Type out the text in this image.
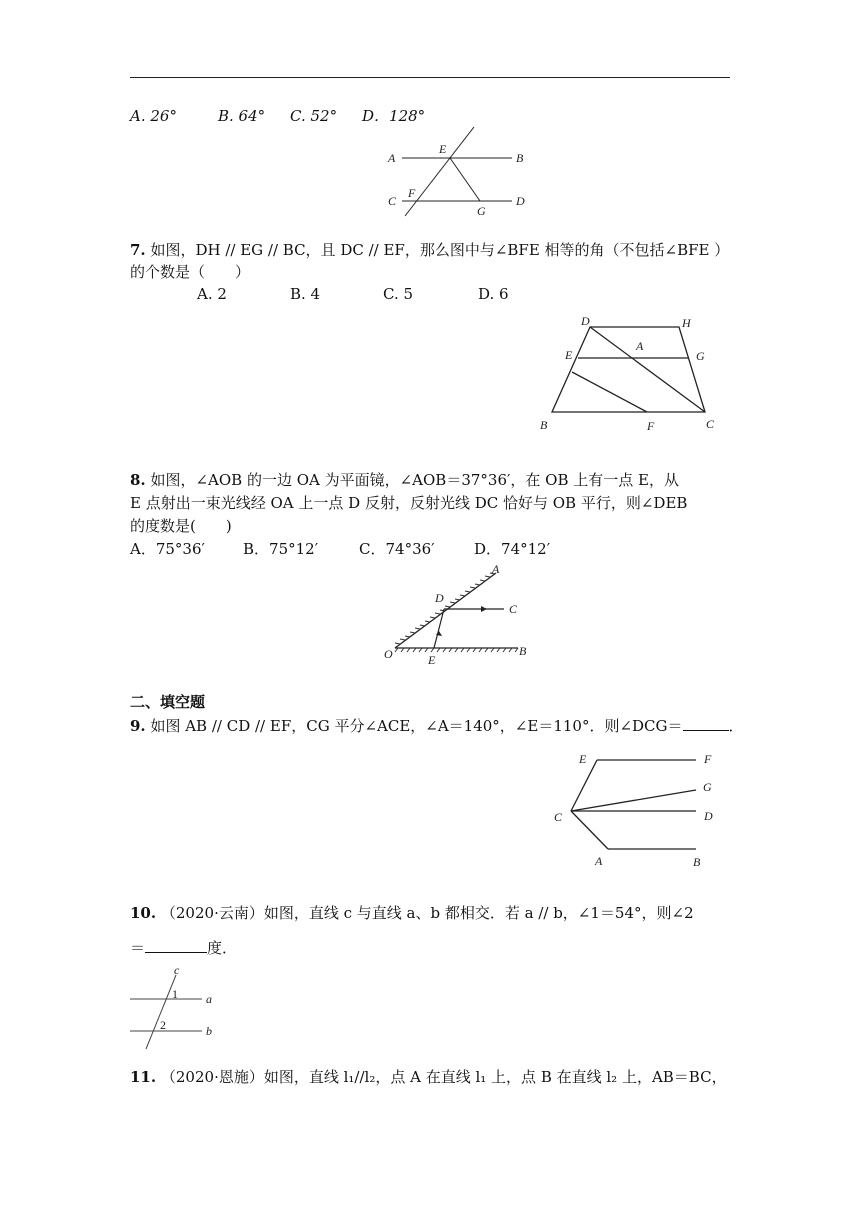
A. 26°	B. 64° C. 52° D．128°
A
E
B
C
F
G
D
7. 如图，DH // EG // BC，且 DC // EF，那么图中与∠BFE 相等的角（不包括∠BFE ）
的个数是（　　）
A. 2	B. 4	C. 5	D. 6
D	H
E
A
G
B	F	C
8. 如图，∠AOB 的一边 OA 为平面镜，∠AOB＝37°36′，在 OB 上有一点 E，从
E 点射出一束光线经 OA 上一点 D 反射，反射光线 DC 恰好与 OB 平行，则∠DEB
的度数是(　　)
A．75°36′	B．75°12′	C．74°36′	D．74°12′
A
D
C
O	E
B
二、填空题
9. 如图 AB // CD // EF，CG 平分∠ACE，∠A＝140°，∠E＝110°．则∠DCG＝	．
E	F
G
C	D
A	B
10. （2020·云南）如图，直线 c 与直线 a、b 都相交．若 a // b，∠1＝54°，则∠2
＝	度．
c
1 a
2	b
11. （2020·恩施）如图，直线 l₁//l₂，点 A 在直线 l₁ 上，点 B 在直线 l₂ 上，AB＝BC，
